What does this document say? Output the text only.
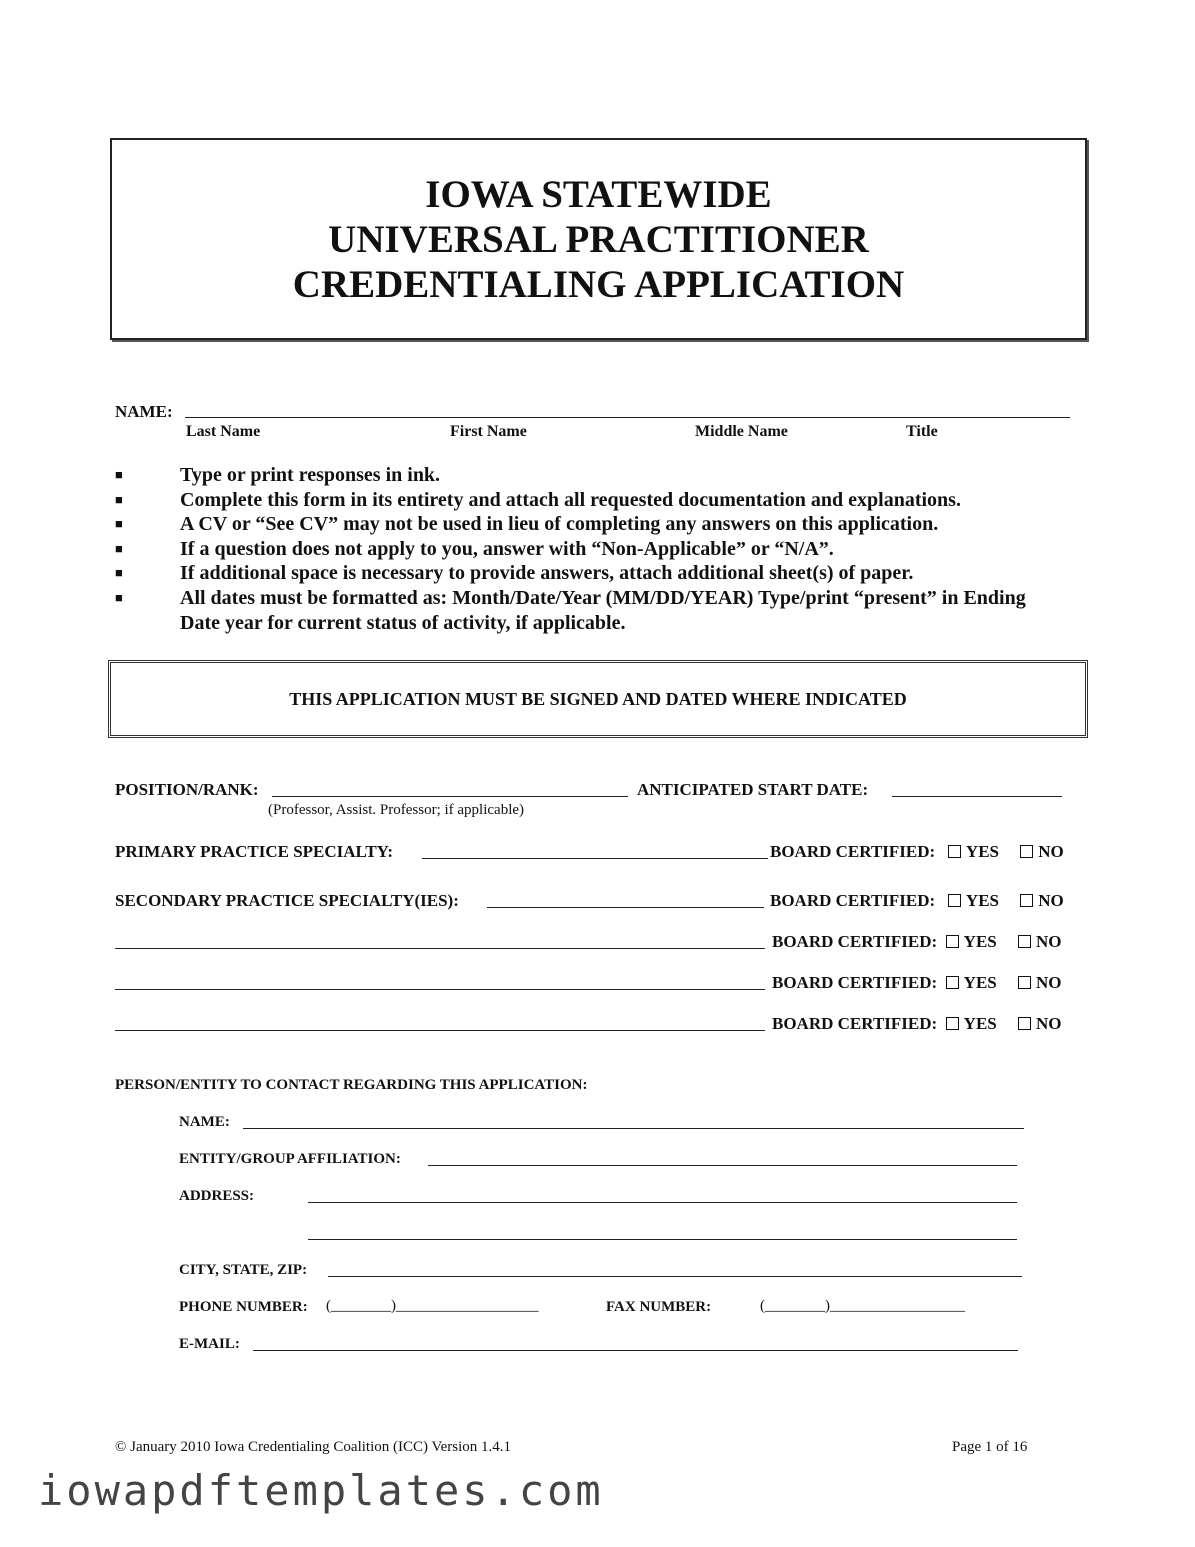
IOWA STATEWIDE
UNIVERSAL PRACTITIONER
CREDENTIALING APPLICATION
NAME:
Last Name	First Name	Middle Name	Title
■	Type or print responses in ink.
■	Complete this form in its entirety and attach all requested documentation and explanations.
■	A CV or “See CV” may not be used in lieu of completing any answers on this application.
■	If a question does not apply to you, answer with “Non-Applicable” or “N/A”.
■	If additional space is necessary to provide answers, attach additional sheet(s) of paper.
■	All dates must be formatted as: Month/Date/Year (MM/DD/YEAR) Type/print “present” in Ending Date year for current status of activity, if applicable.
THIS APPLICATION MUST BE SIGNED AND DATED WHERE INDICATED
POSITION/RANK:
(Professor, Assist. Professor; if applicable)
ANTICIPATED START DATE:
PRIMARY PRACTICE SPECIALTY:	BOARD CERTIFIED: YES NO
SECONDARY PRACTICE SPECIALTY(IES):	BOARD CERTIFIED: YES NO
BOARD CERTIFIED: YES NO
BOARD CERTIFIED: YES NO
BOARD CERTIFIED: YES NO
PERSON/ENTITY TO CONTACT REGARDING THIS APPLICATION:
NAME:
ENTITY/GROUP AFFILIATION:
ADDRESS:
CITY, STATE, ZIP:
PHONE NUMBER: (________)___________________	FAX NUMBER:	(________)__________________
E-MAIL:
© January 2010 Iowa Credentialing Coalition (ICC) Version 1.4.1	Page 1 of 16
iowapdftemplates.com
